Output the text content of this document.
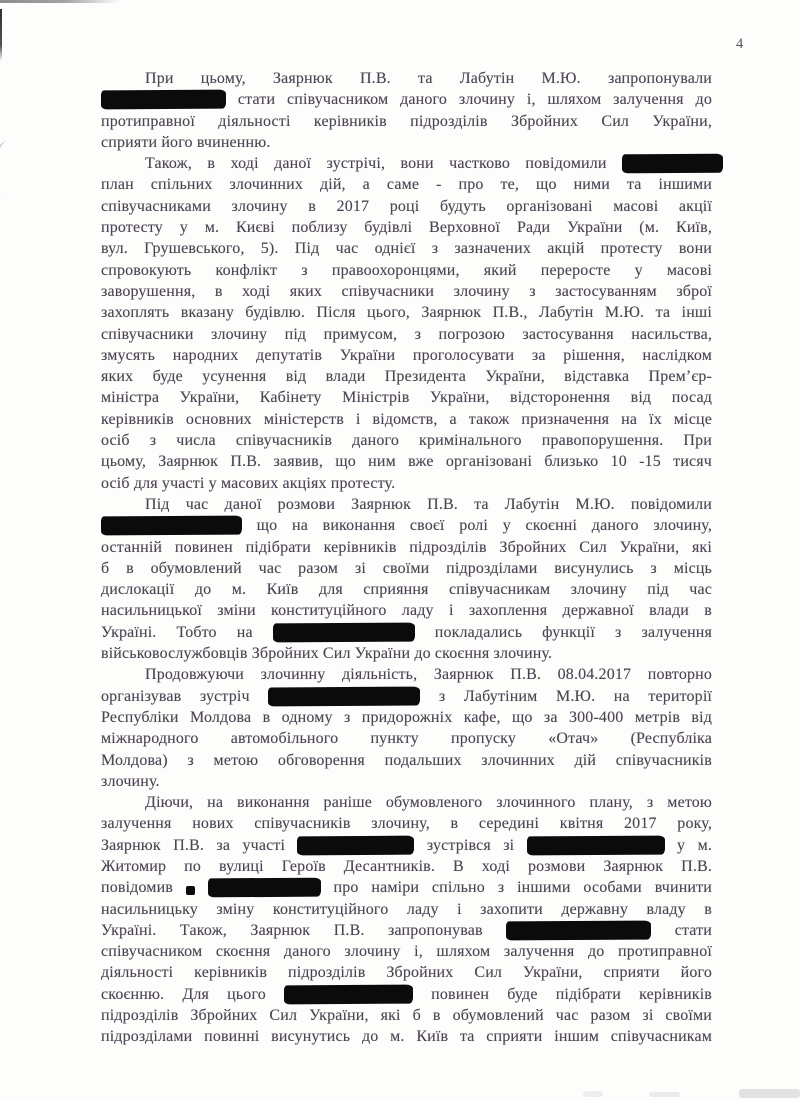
4
При цьому, Заярнюк П.В. та Лабутін М.Ю. запропонували
стати співучасником даного злочину і, шляхом залучення до
протиправної діяльності керівників підрозділів Збройних Сил України,
сприяти його вчиненню.
Також, в ході даної зустрічі, вони частково повідомили
план спільних злочинних дій, а саме - про те, що ними та іншими
співучасниками злочину в 2017 році будуть організовані масові акції
протесту у м. Києві поблизу будівлі Верховної Ради України (м. Київ,
вул. Грушевського, 5). Під час однієї з зазначених акцій протесту вони
спровокують конфлікт з правоохоронцями, який переросте у масові
заворушення, в ході яких співучасники злочину з застосуванням зброї
захоплять вказану будівлю. Після цього, Заярнюк П.В., Лабутін М.Ю. та інші
співучасники злочину під примусом, з погрозою застосування насильства,
змусять народних депутатів України проголосувати за рішення, наслідком
яких буде усунення від влади Президента України, відставка Прем’єр-
міністра України, Кабінету Міністрів України, відсторонення від посад
керівників основних міністерств і відомств, а також призначення на їх місце
осіб з числа співучасників даного кримінального правопорушення. При
цьому, Заярнюк П.В. заявив, що ним вже організовані близько 10 -15 тисяч
осіб для участі у масових акціях протесту.
Під час даної розмови Заярнюк П.В. та Лабутін М.Ю. повідомили
що на виконання своєї ролі у скоєнні даного злочину,
останній повинен підібрати керівників підрозділів Збройних Сил України, які
б в обумовлений час разом зі своїми підрозділами висунулись з місць
дислокації до м. Київ для сприяння співучасникам злочину під час
насильницької зміни конституційного ладу і захоплення державної влади в
Україні. Тобто на	покладались функції з залучення
військовослужбовців Збройних Сил України до скоєння злочину.
Продовжуючи злочинну діяльність, Заярнюк П.В. 08.04.2017 повторно
організував зустріч	з Лабутіним М.Ю. на території
Республіки Молдова в одному з придорожніх кафе, що за 300-400 метрів від
міжнародного автомобільного пункту пропуску «Отач» (Республіка
Молдова) з метою обговорення подальших злочинних дій співучасників
злочину.
Діючи, на виконання раніше обумовленого злочинного плану, з метою
залучення нових співучасників злочину, в середині квітня 2017 року,
Заярнюк П.В. за участі	зустрівся зі	у м.
Житомир по вулиці Героїв Десантників. В ході розмови Заярнюк П.В.
повідомив	про наміри спільно з іншими особами вчинити
насильницьку зміну конституційного ладу і захопити державну владу в
Україні. Також, Заярнюк П.В. запропонував	стати
співучасником скоєння даного злочину і, шляхом залучення до протиправної
діяльності керівників підрозділів Збройних Сил України, сприяти його
скоєнню. Для цього	повинен буде підібрати керівників
підрозділів Збройних Сил України, які б в обумовлений час разом зі своїми
підрозділами повинні висунутись до м. Київ та сприяти іншим співучасникам
